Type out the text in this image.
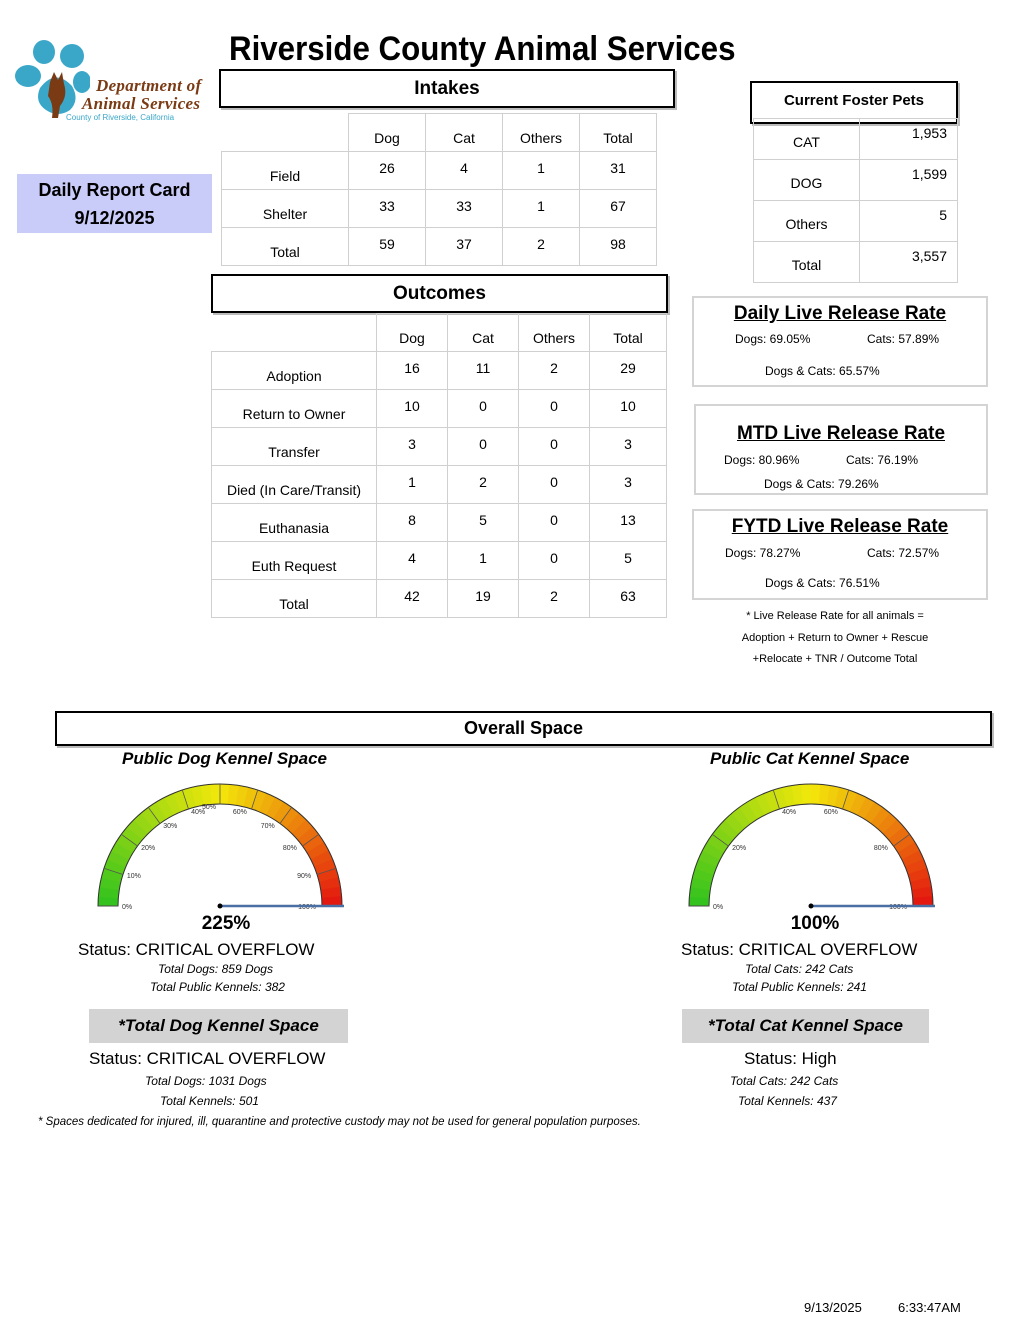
Department of
Animal Services
County of Riverside, California
Riverside County Animal Services
Daily Report Card
9/12/2025
Intakes
	Dog	Cat	Others	Total
Field	26	4	1	31
Shelter	33	33	1	67
Total	59	37	2	98
Outcomes
	Dog	Cat	Others	Total
Adoption	16	11	2	29
Return to Owner	10	0	0	10
Transfer	3	0	0	3
Died (In Care/Transit)	1	2	0	3
Euthanasia	8	5	0	13
Euth Request	4	1	0	5
Total	42	19	2	63
Current Foster Pets
CAT	1,953
DOG	1,599
Others	5
Total	3,557
Daily Live Release Rate
Dogs: 69.05%	Cats: 57.89%
Dogs & Cats: 65.57%
MTD Live Release Rate
Dogs: 80.96%	Cats: 76.19%
Dogs & Cats: 79.26%
FYTD Live Release Rate
Dogs: 78.27%	Cats: 72.57%
Dogs & Cats: 76.51%
* Live Release Rate for all animals =
Adoption + Return to Owner + Rescue
+Relocate + TNR / Outcome Total
Overall Space
Public Dog Kennel Space
0%
10%
20%
30%
40%
50%
60%
70%
80%
90%
100%
225%
Status: CRITICAL OVERFLOW
Total Dogs: 859 Dogs
Total Public Kennels: 382
*Total Dog Kennel Space
Status: CRITICAL OVERFLOW
Total Dogs: 1031 Dogs
Total Kennels: 501
Public Cat Kennel Space
0%
20%
40%	60%
80%
100%
100%
Status: CRITICAL OVERFLOW
Total Cats: 242 Cats
Total Public Kennels: 241
*Total Cat Kennel Space
Status: High
Total Cats: 242 Cats
Total Kennels: 437
* Spaces dedicated for injured, ill, quarantine and protective custody may not be used for general population purposes.
9/13/2025	6:33:47AM
